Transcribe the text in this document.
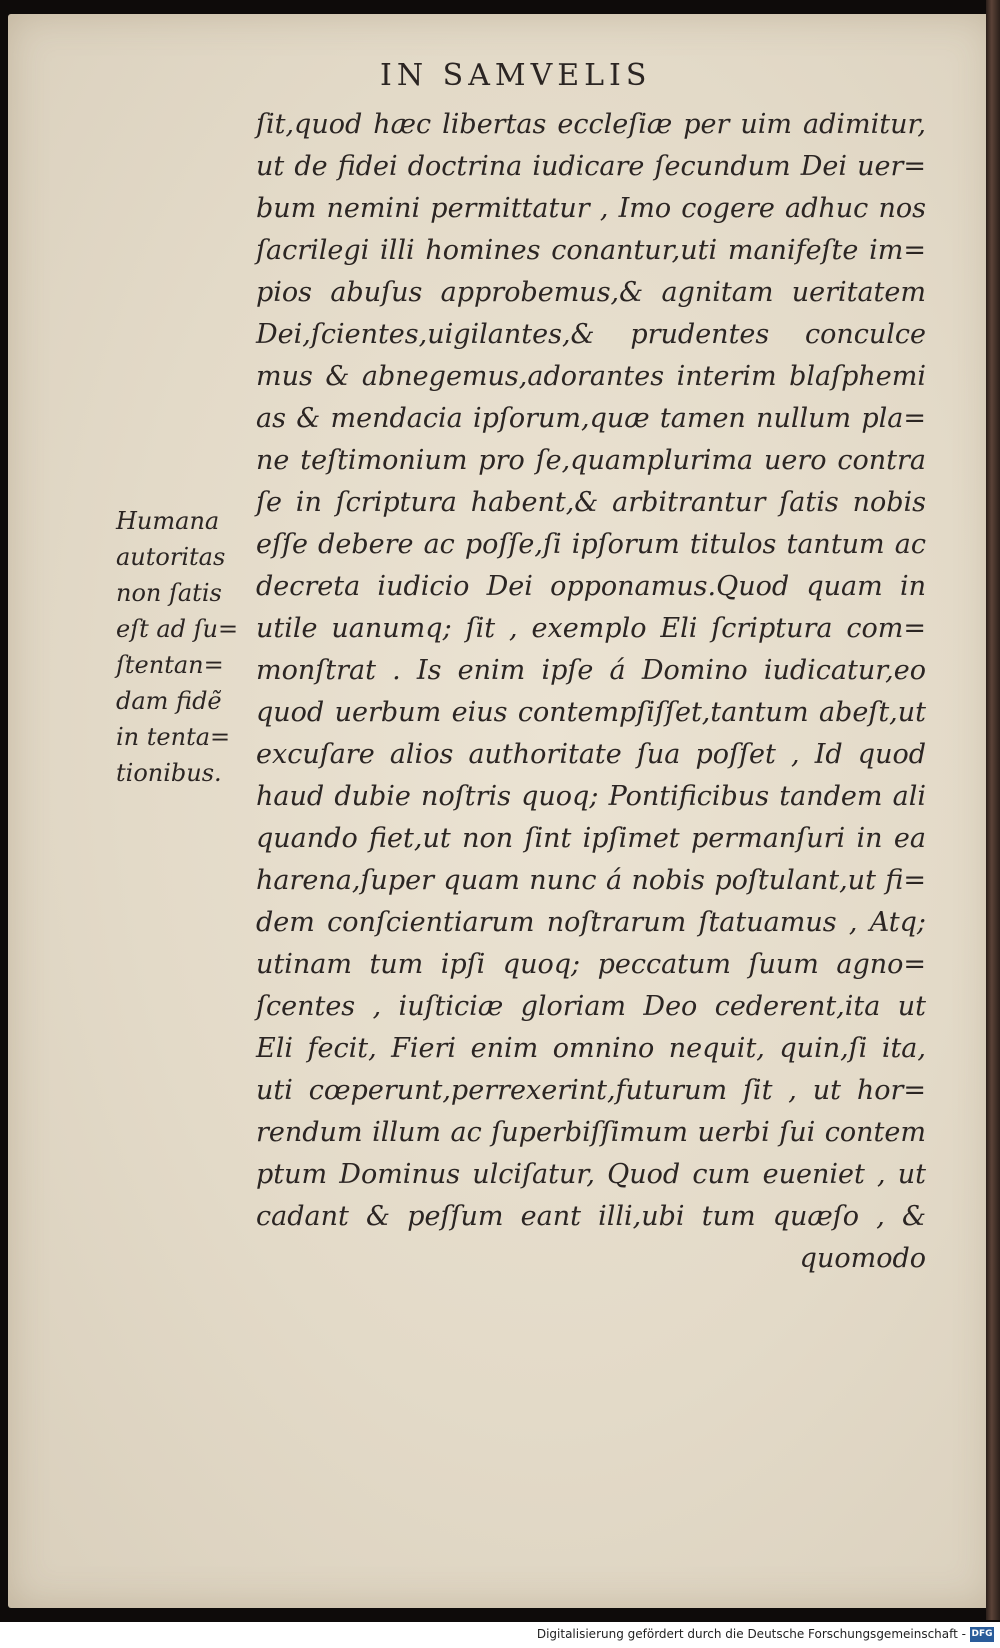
IN SAMVELIS
ſit,quod hæc libertas eccleſiæ per uim adimitur,
ut de fidei doctrina iudicare ſecundum Dei uer=
bum nemini permittatur , Imo cogere adhuc nos
ſacrilegi illi homines conantur,uti manifeſte im=
pios abuſus approbemus,& agnitam ueritatem
Dei,ſcientes,uigilantes,& prudentes conculce
mus & abnegemus,adorantes interim blaſphemi
as & mendacia ipſorum,quæ tamen nullum pla=
ne teſtimonium pro ſe,quamplurima uero contra
ſe in ſcriptura habent,& arbitrantur ſatis nobis
eſſe debere ac poſſe,ſi ipſorum titulos tantum ac
decreta iudicio Dei opponamus.Quod quam in
utile uanumq; ſit , exemplo Eli ſcriptura com=
monſtrat . Is enim ipſe á Domino iudicatur,eo
quod uerbum eius contempſiſſet,tantum abeſt,ut
excuſare alios authoritate ſua poſſet , Id quod
haud dubie noſtris quoq; Pontificibus tandem ali
quando fiet,ut non ſint ipſimet permanſuri in ea
harena,ſuper quam nunc á nobis poſtulant,ut fi=
dem conſcientiarum noſtrarum ſtatuamus , Atq;
utinam tum ipſi quoq; peccatum ſuum agno=
ſcentes , iuſticiæ gloriam Deo cederent,ita ut
Eli fecit, Fieri enim omnino nequit, quin,ſi ita,
uti cœperunt,perrexerint,futurum ſit , ut hor=
rendum illum ac ſuperbiſſimum uerbi ſui contem
ptum Dominus ulciſatur, Quod cum eueniet , ut
cadant & peſſum eant illi,ubi tum quæſo , &
quomodo
Humana
autoritas
non ſatis
eſt ad ſu=
ſtentan=
dam fidẽ
in tenta=
tionibus.
Digitalisierung gefördert durch die Deutsche Forschungsgemeinschaft - DFG
